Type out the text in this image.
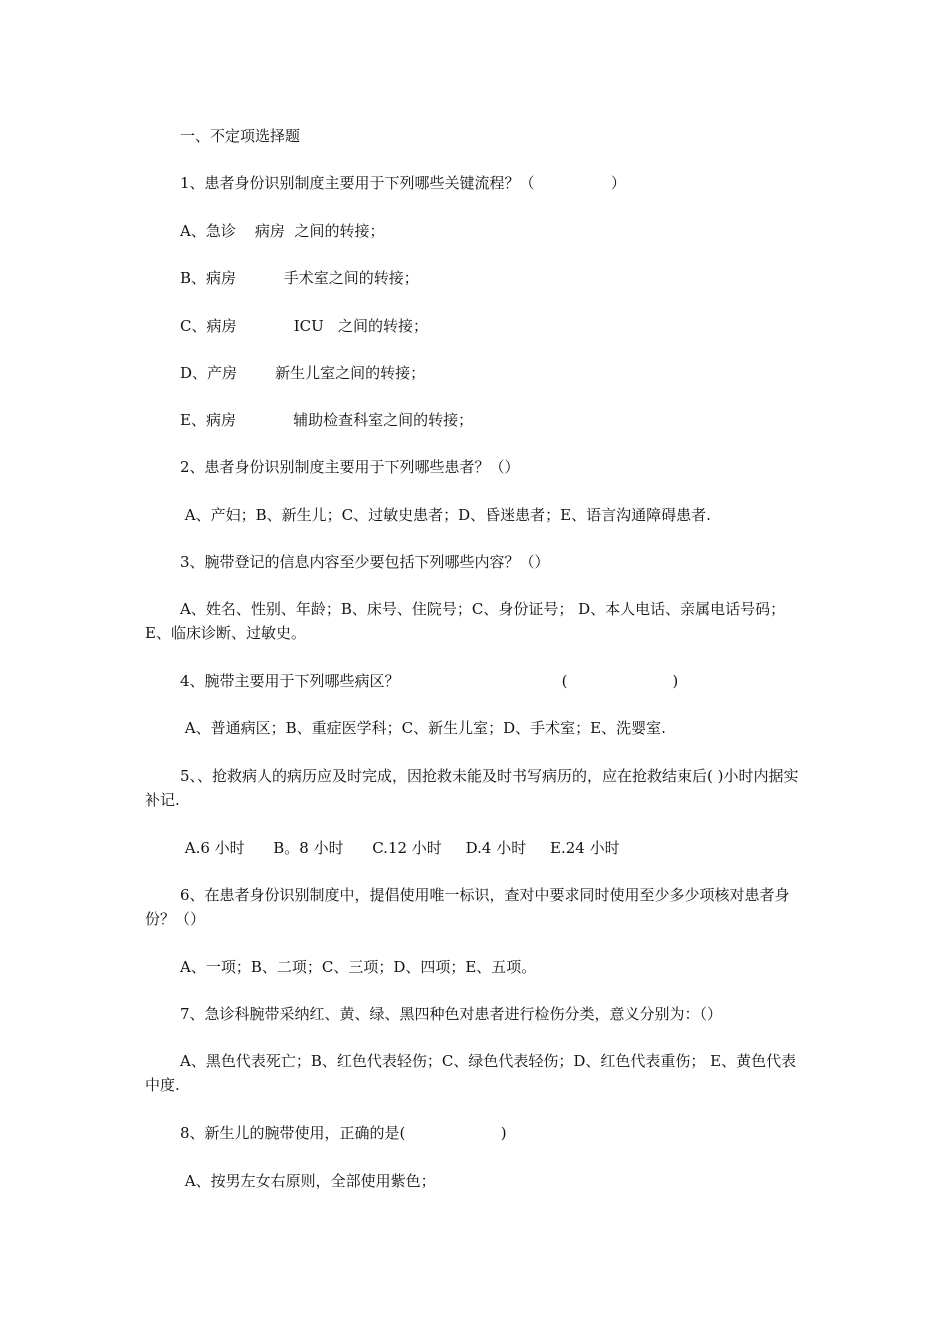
一、不定项选择题

1、患者身份识别制度主要用于下列哪些关键流程？（                ）

A、急诊    病房  之间的转接；

B、病房          手术室之间的转接；

C、病房            ICU   之间的转接；

D、产房        新生儿室之间的转接；

E、病房            辅助检查科室之间的转接；

2、患者身份识别制度主要用于下列哪些患者？（）

A、产妇；B、新生儿；C、过敏史患者；D、昏迷患者；E、语言沟通障碍患者.

3、腕带登记的信息内容至少要包括下列哪些内容？（）

A、姓名、性别、年龄；B、床号、住院号；C、身份证号； D、本人电话、亲属电话号码；E、临床诊断、过敏史。

4、腕带主要用于下列哪些病区？                                  (                      )

A、普通病区；B、重症医学科；C、新生儿室；D、手术室；E、洗婴室.

5、、抢救病人的病历应及时完成，因抢救未能及时书写病历的，应在抢救结束后( )小时内据实补记.

A.6 小时      B。8 小时      C.12 小时     D.4 小时     E.24 小时

6、在患者身份识别制度中，提倡使用唯一标识，查对中要求同时使用至少多少项核对患者身份？（）

A、一项；B、二项；C、三项；D、四项；E、五项。

7、急诊科腕带采纳红、黄、绿、黑四种色对患者进行检伤分类，意义分别为：（）

A、黑色代表死亡；B、红色代表轻伤；C、绿色代表轻伤；D、红色代表重伤； E、黄色代表中度.

8、新生儿的腕带使用，正确的是(                    )

A、按男左女右原则，全部使用紫色；
